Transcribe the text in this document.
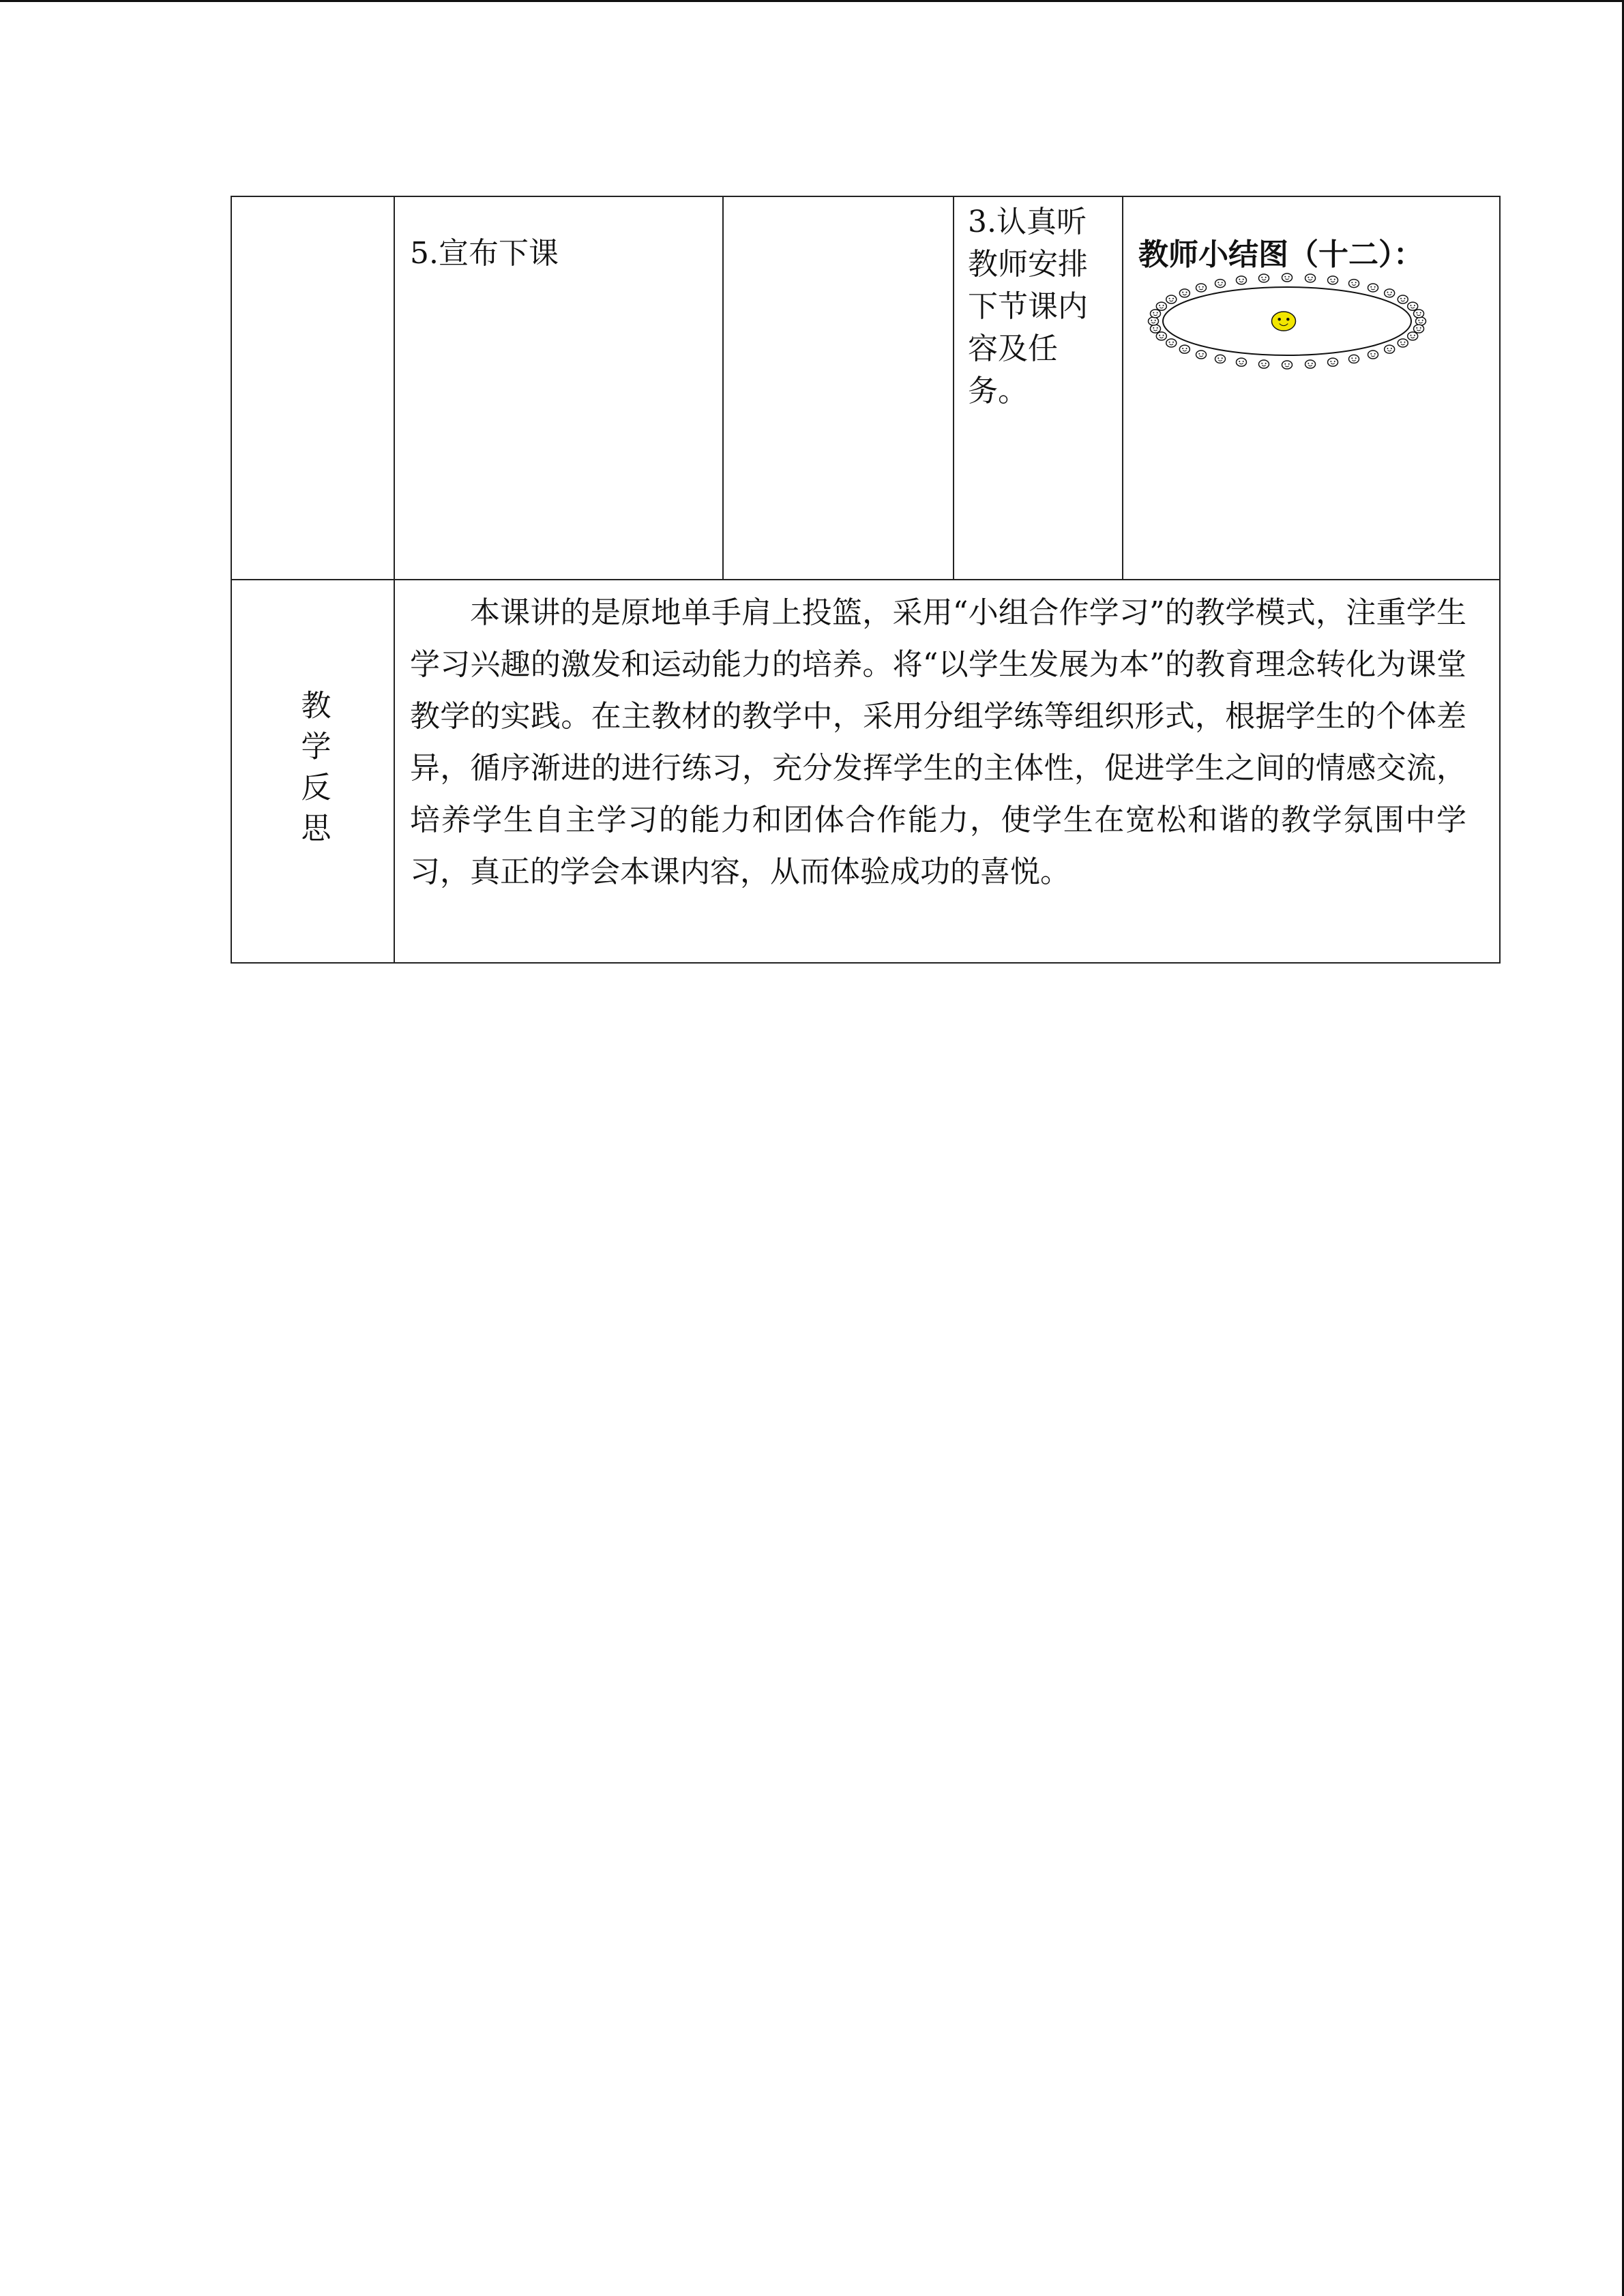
	5.宣布下课		3.认真听教师安排下节课内容及任务。	教师小结图（十二）：

教学反思	本课讲的是原地单手肩上投篮，采用“小组合作学习”的教学模式，注重学生学习兴趣的激发和运动能力的培养。将“以学生发展为本”的教育理念转化为课堂教学的实践。在主教材的教学中，采用分组学练等组织形式，根据学生的个体差异，循序渐进的进行练习，充分发挥学生的主体性，促进学生之间的情感交流，培养学生自主学习的能力和团体合作能力，使学生在宽松和谐的教学氛围中学习，真正的学会本课内容，从而体验成功的喜悦。			
